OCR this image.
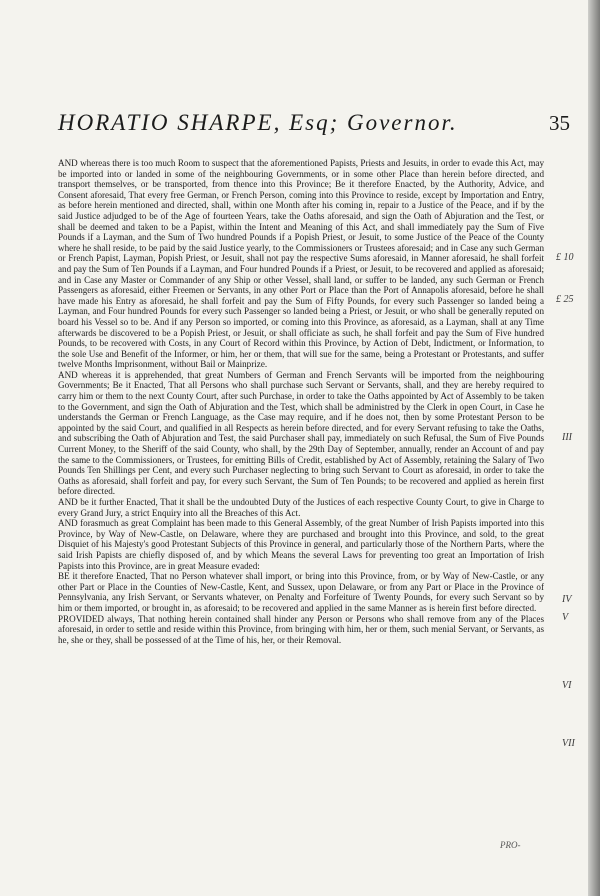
HORATIO SHARPE, Esq; Governor.	35

AND whereas there is too much Room to suspect that the aforementioned Papists, Priests and Jesuits, in order to evade this Act, may be imported into or landed in some of the neighbouring Governments, or in some other Place than herein before directed, and transport themselves, or be transported, from thence into this Province; Be it therefore Enacted, by the Authority, Advice, and Consent aforesaid, That every free German, or French Person, coming into this Province to reside, except by Importation and Entry, as before herein mentioned and directed, shall, within one Month after his coming in, repair to a Justice of the Peace, and if by the said Justice adjudged to be of the Age of fourteen Years, take the Oaths aforesaid, and sign the Oath of Abjuration and the Test, or shall be deemed and taken to be a Papist, within the Intent and Meaning of this Act, and shall immediately pay the Sum of Five Pounds if a Layman, and the Sum of Two hundred Pounds if a Popish Priest, or Jesuit, to some Justice of the Peace of the County where he shall reside, to be paid by the said Justice yearly, to the Commissioners or Trustees aforesaid; and in Case any such German or French Papist, Layman, Popish Priest, or Jesuit, shall not pay the respective Sums aforesaid, in Manner aforesaid, he shall forfeit and pay the Sum of Ten Pounds if a Layman, and Four hundred Pounds if a Priest, or Jesuit, to be recovered and applied as aforesaid; and in Case any Master or Commander of any Ship or other Vessel, shall land, or suffer to be landed, any such German or French Passengers as aforesaid, either Freemen or Servants, in any other Port or Place than the Port of Annapolis aforesaid, before he shall have made his Entry as aforesaid, he shall forfeit and pay the Sum of Fifty Pounds, for every such Passenger so landed being a Layman, and Four hundred Pounds for every such Passenger so landed being a Priest, or Jesuit, or who shall be generally reputed on board his Vessel so to be. And if any Person so imported, or coming into this Province, as aforesaid, as a Layman, shall at any Time afterwards be discovered to be a Popish Priest, or Jesuit, or shall officiate as such, he shall forfeit and pay the Sum of Five hundred Pounds, to be recovered with Costs, in any Court of Record within this Province, by Action of Debt, Indictment, or Information, to the sole Use and Benefit of the Informer, or him, her or them, that will sue for the same, being a Protestant or Protestants, and suffer twelve Months Imprisonment, without Bail or Mainprize.

AND whereas it is apprehended, that great Numbers of German and French Servants will be imported from the neighbouring Governments; Be it Enacted, That all Persons who shall purchase such Servant or Servants, shall, and they are hereby required to carry him or them to the next County Court, after such Purchase, in order to take the Oaths appointed by Act of Assembly to be taken to the Government, and sign the Oath of Abjuration and the Test, which shall be administred by the Clerk in open Court, in Case he understands the German or French Language, as the Case may require, and if he does not, then by some Protestant Person to be appointed by the said Court, and qualified in all Respects as herein before directed, and for every Servant refusing to take the Oaths, and subscribing the Oath of Abjuration and Test, the said Purchaser shall pay, immediately on such Refusal, the Sum of Five Pounds Current Money, to the Sheriff of the said County, who shall, by the 29th Day of September, annually, render an Account of and pay the same to the Commissioners, or Trustees, for emitting Bills of Credit, established by Act of Assembly, retaining the Salary of Two Pounds Ten Shillings per Cent, and every such Purchaser neglecting to bring such Servant to Court as aforesaid, in order to take the Oaths as aforesaid, shall forfeit and pay, for every such Servant, the Sum of Ten Pounds; to be recovered and applied as herein first before directed.

AND be it further Enacted, That it shall be the undoubted Duty of the Justices of each respective County Court, to give in Charge to every Grand Jury, a strict Enquiry into all the Breaches of this Act.

AND forasmuch as great Complaint has been made to this General Assembly, of the great Number of Irish Papists imported into this Province, by Way of New-Castle, on Delaware, where they are purchased and brought into this Province, and sold, to the great Disquiet of his Majesty's good Protestant Subjects of this Province in general, and particularly those of the Northern Parts, where the said Irish Papists are chiefly disposed of, and by which Means the several Laws for preventing too great an Importation of Irish Papists into this Province, are in great Measure evaded:

BE it therefore Enacted, That no Person whatever shall import, or bring into this Province, from, or by Way of New-Castle, or any other Part or Place in the Counties of New-Castle, Kent, and Sussex, upon Delaware, or from any Part or Place in the Province of Pennsylvania, any Irish Servant, or Servants whatever, on Penalty and Forfeiture of Twenty Pounds, for every such Servant so by him or them imported, or brought in, as aforesaid; to be recovered and applied in the same Manner as is herein first before directed.

PROVIDED always, That nothing herein contained shall hinder any Person or Persons who shall remove from any of the Places aforesaid, in order to settle and reside within this Province, from bringing with him, her or them, such menial Servant, or Servants, as he, she or they, shall be possessed of at the Time of his, her, or their Removal.

£ 10
£ 25
III
IV
V
VI
VII
PRO-
